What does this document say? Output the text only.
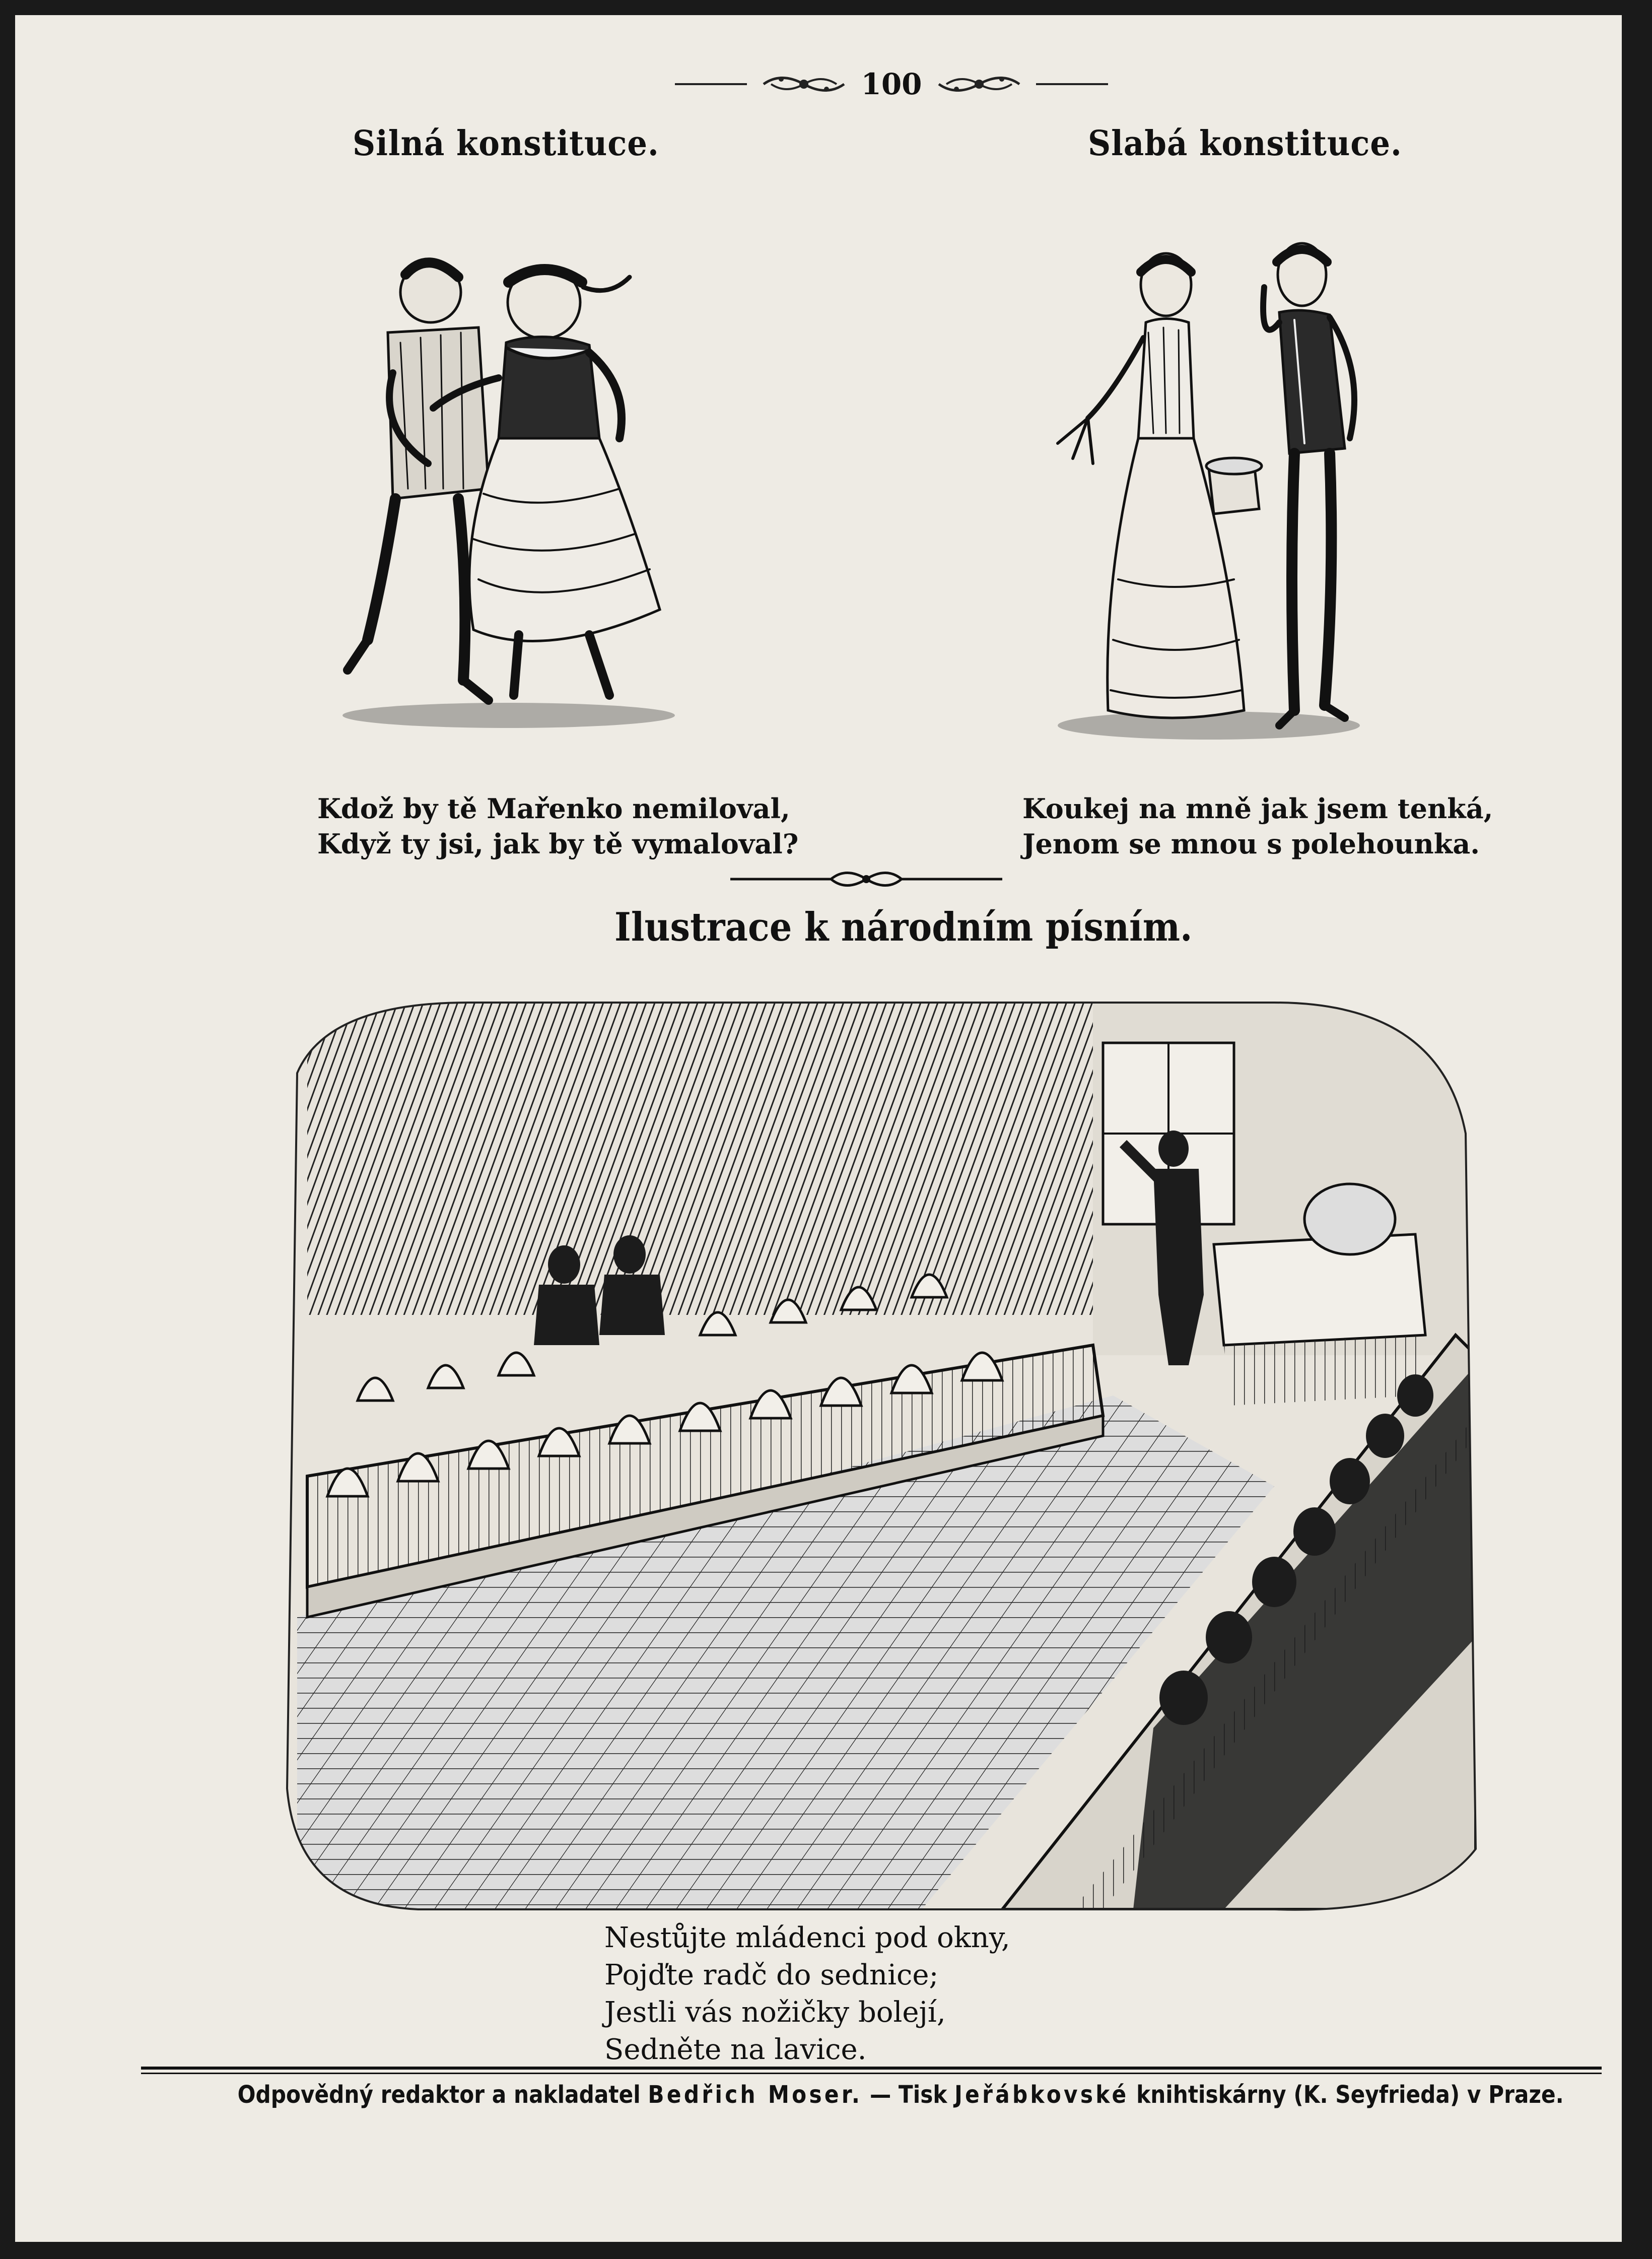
100
Silná konstituce.	Slabá konstituce.
Kdož by tě Mařenko nemiloval,
Když ty jsi, jak by tě vymaloval?
Koukej na mně jak jsem tenká,
Jenom se mnou s polehounka.
Ilustrace k národním písním.
Nestůjte mládenci pod okny,
Pojďte radč do sednice;
Jestli vás nožičky bolejí,
Sedněte na lavice.
Odpovědný redaktor a nakladatel Bedřich Moser. — Tisk Jeřábkovské knihtiskárny (K. Seyfrieda) v Praze.
